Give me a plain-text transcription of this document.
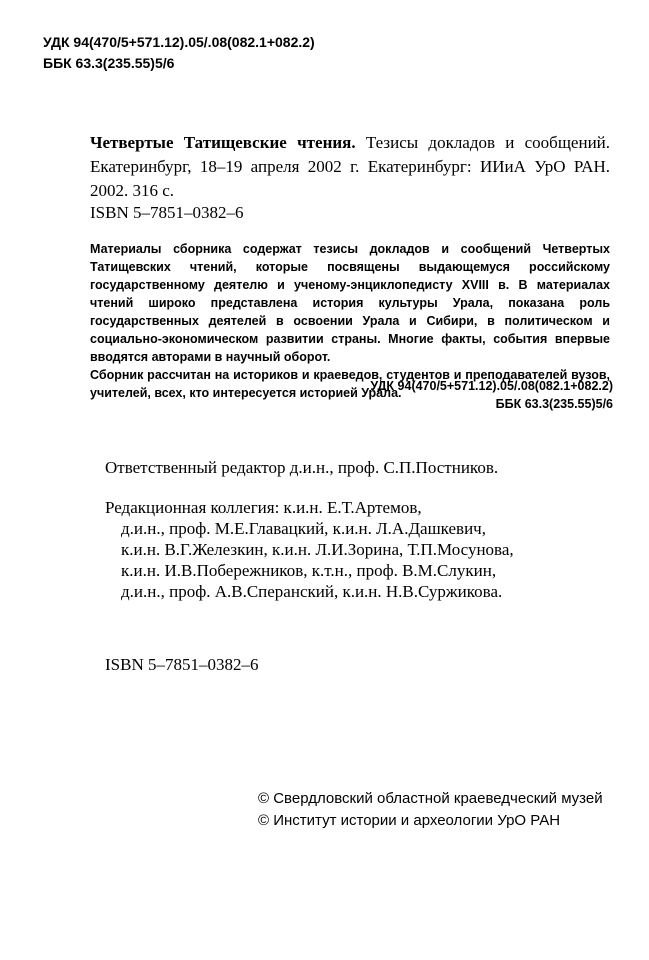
УДК 94(470/5+571.12).05/.08(082.1+082.2)
ББК 63.3(235.55)5/6
Четвертые Татищевские чтения. Тезисы докладов и сообщений. Екатеринбург, 18–19 апреля 2002 г. Екатеринбург: ИИиА УрО РАН. 2002. 316 с.
ISBN 5–7851–0382–6

Материалы сборника содержат тезисы докладов и сообщений Четвертых Татищевских чтений, которые посвящены выдающемуся российскому государственному деятелю и ученому-энциклопедисту XVIII в. В материалах чтений широко представлена история культуры Урала, показана роль государственных деятелей в освоении Урала и Сибири, в политическом и социально-экономическом развитии страны. Многие факты, события впервые вводятся авторами в научный оборот.

Сборник рассчитан на историков и краеведов, студентов и преподавателей вузов, учителей, всех, кто интересуется историей Урала.

УДК 94(470/5+571.12).05/.08(082.1+082.2)
ББК 63.3(235.55)5/6
Ответственный редактор д.и.н., проф. С.П.Постников.
Редакционная коллегия: к.и.н. Е.Т.Артемов,
д.и.н., проф. М.Е.Главацкий, к.и.н. Л.А.Дашкевич,
к.и.н. В.Г.Железкин, к.и.н. Л.И.Зорина, Т.П.Мосунова,
к.и.н. И.В.Побережников, к.т.н., проф. В.М.Слукин,
д.и.н., проф. А.В.Сперанский, к.и.н. Н.В.Суржикова.
ISBN 5–7851–0382–6
© Свердловский областной краеведческий музей
© Институт истории и археологии УрО РАН
